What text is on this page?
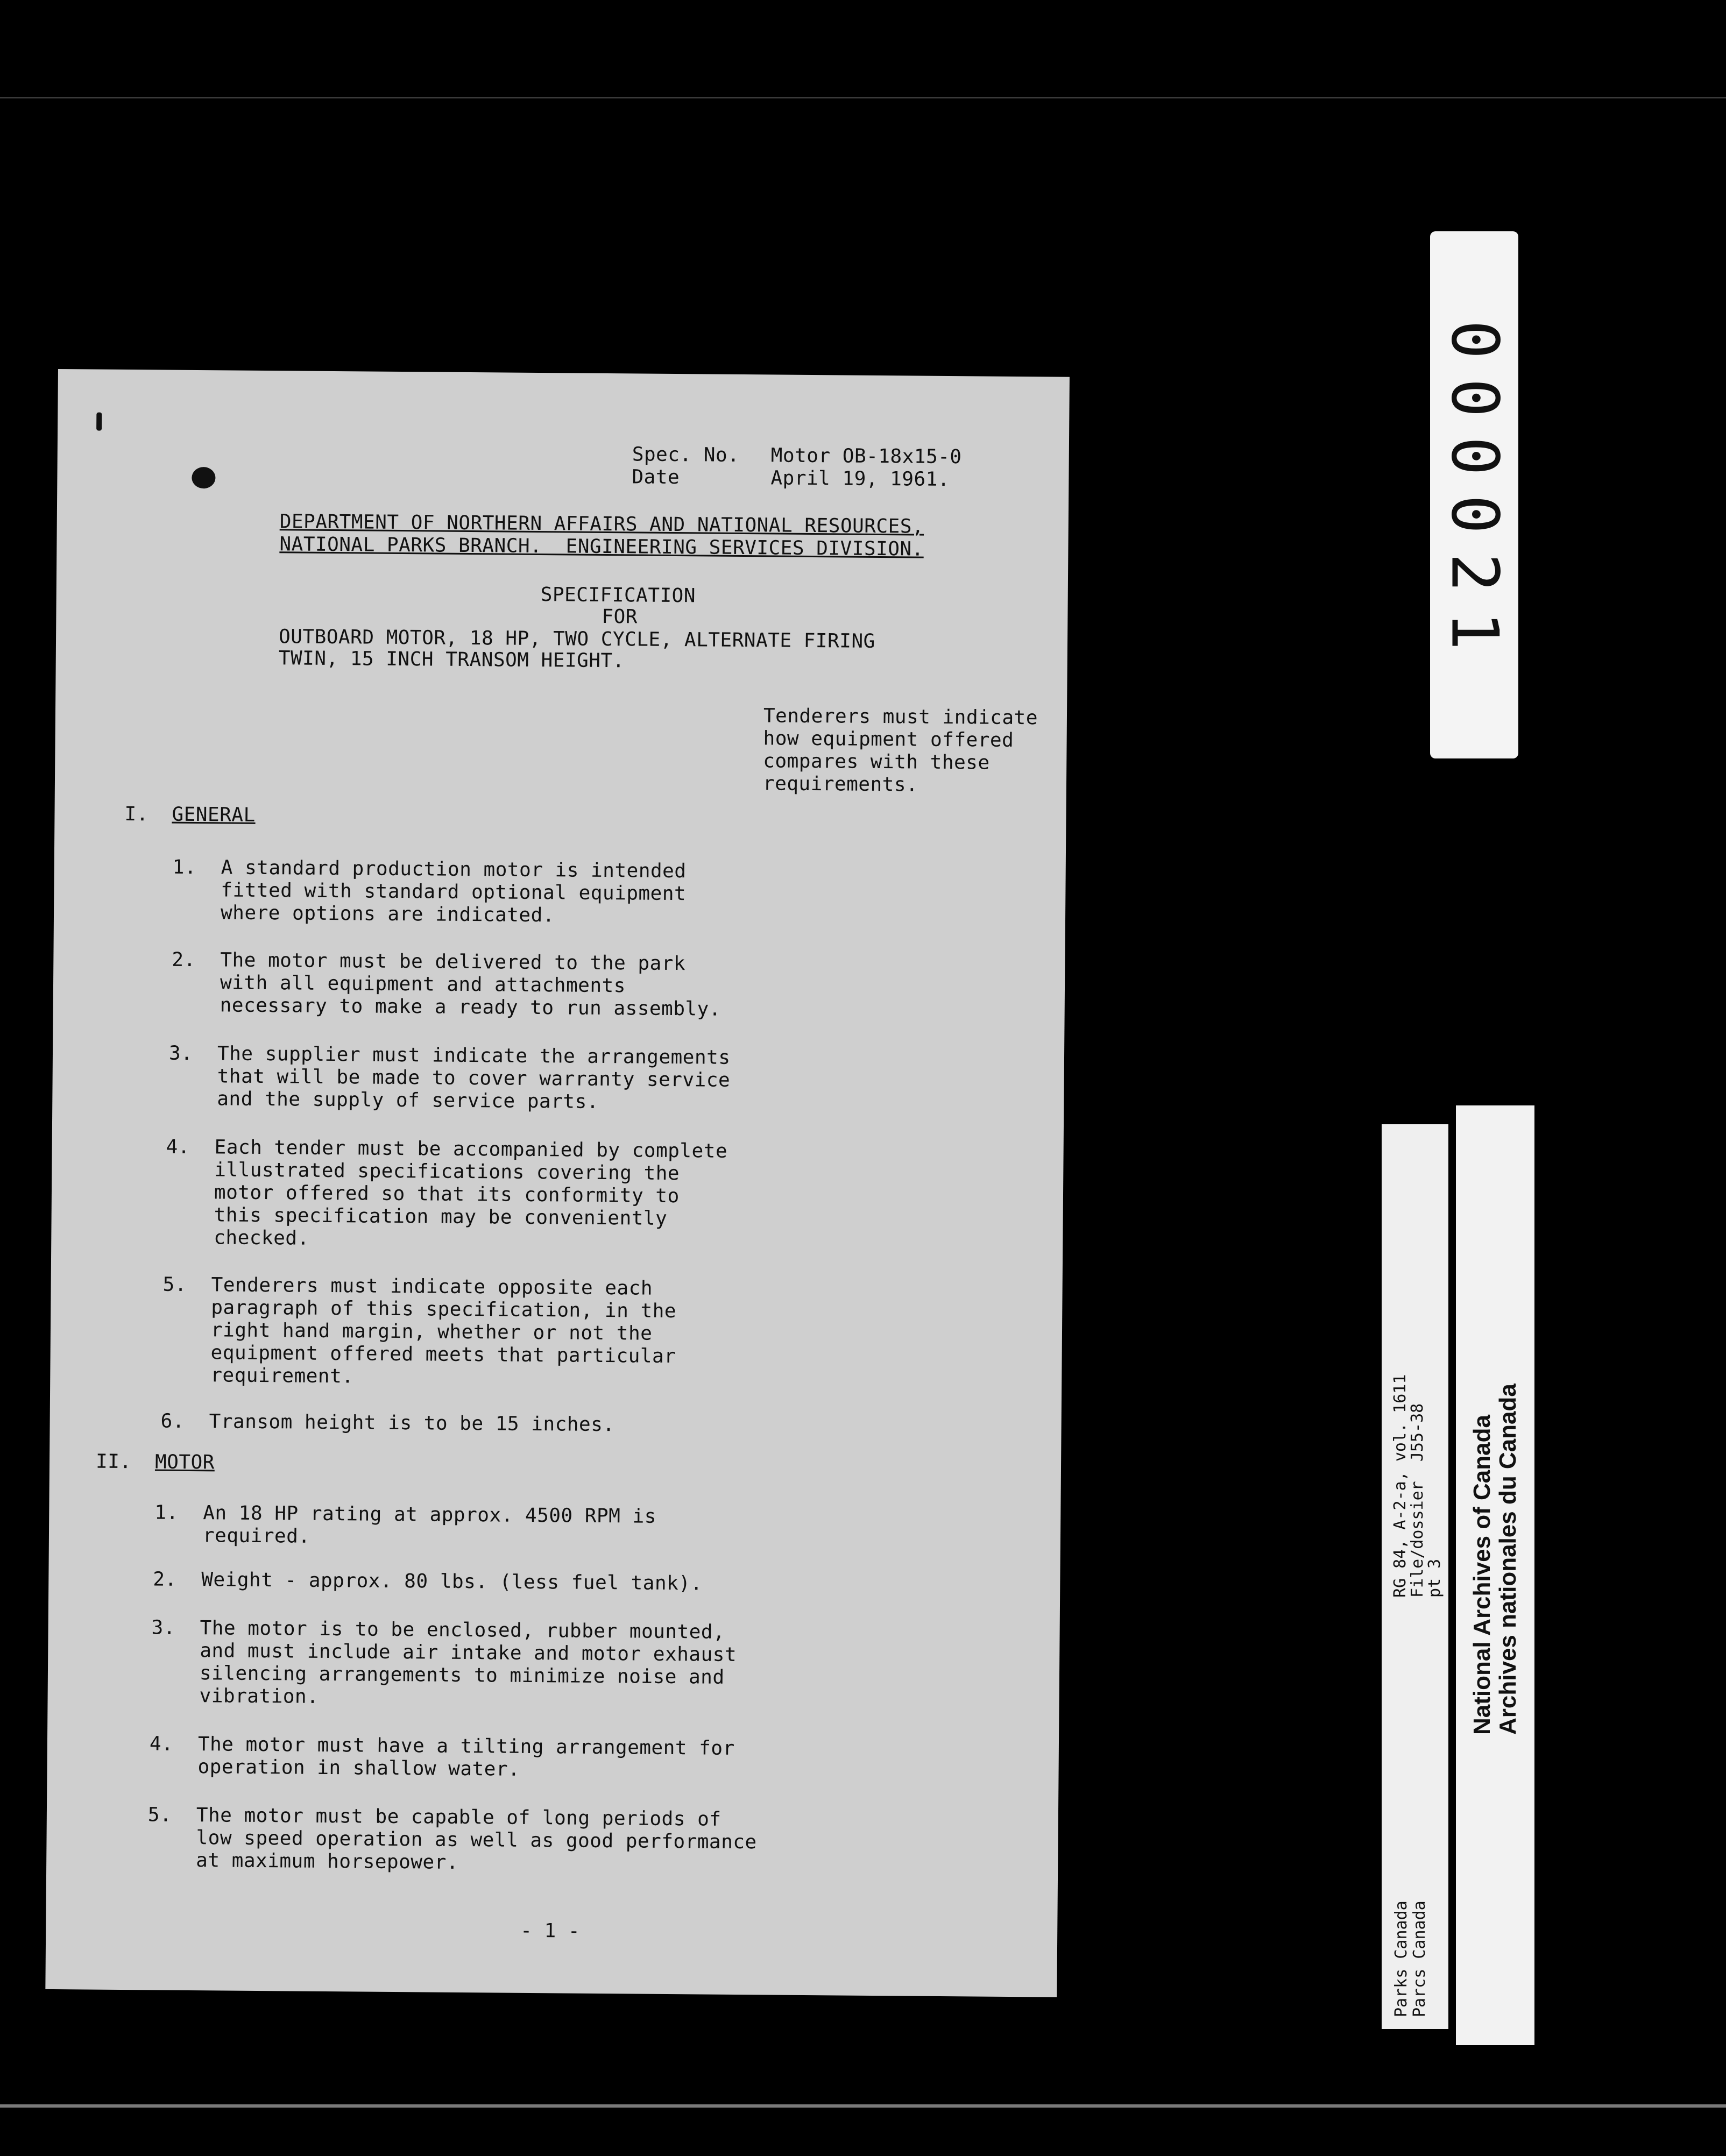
Spec. No. Motor OB-18x15-0
Date	April 19, 1961.
DEPARTMENT OF NORTHERN AFFAIRS AND NATIONAL RESOURCES,
NATIONAL PARKS BRANCH.  ENGINEERING SERVICES DIVISION.
SPECIFICATION
FOR
OUTBOARD MOTOR, 18 HP, TWO CYCLE, ALTERNATE FIRING
TWIN, 15 INCH TRANSOM HEIGHT.
Tenderers must indicate
how equipment offered
compares with these
requirements.
I. GENERAL
1. A standard production motor is intended
fitted with standard optional equipment
where options are indicated.
2. The motor must be delivered to the park
with all equipment and attachments
necessary to make a ready to run assembly.
3. The supplier must indicate the arrangements
that will be made to cover warranty service
and the supply of service parts.
4. Each tender must be accompanied by complete
illustrated specifications covering the
motor offered so that its conformity to
this specification may be conveniently
checked.
5. Tenderers must indicate opposite each
paragraph of this specification, in the
right hand margin, whether or not the
equipment offered meets that particular
requirement.
6. Transom height is to be 15 inches.
II. MOTOR
1. An 18 HP rating at approx. 4500 RPM is
required.
2. Weight - approx. 80 lbs. (less fuel tank).
3. The motor is to be enclosed, rubber mounted,
and must include air intake and motor exhaust
silencing arrangements to minimize noise and
vibration.
4. The motor must have a tilting arrangement for
operation in shallow water.
5. The motor must be capable of long periods of
low speed operation as well as good performance
at maximum horsepower.
- 1 -
000021
RG 84, A-2-a, vol. 1611
File/dossier  J55-38
pt 3
Parks Canada Parcs Canada
National Archives of Canada Archives nationales du Canada
